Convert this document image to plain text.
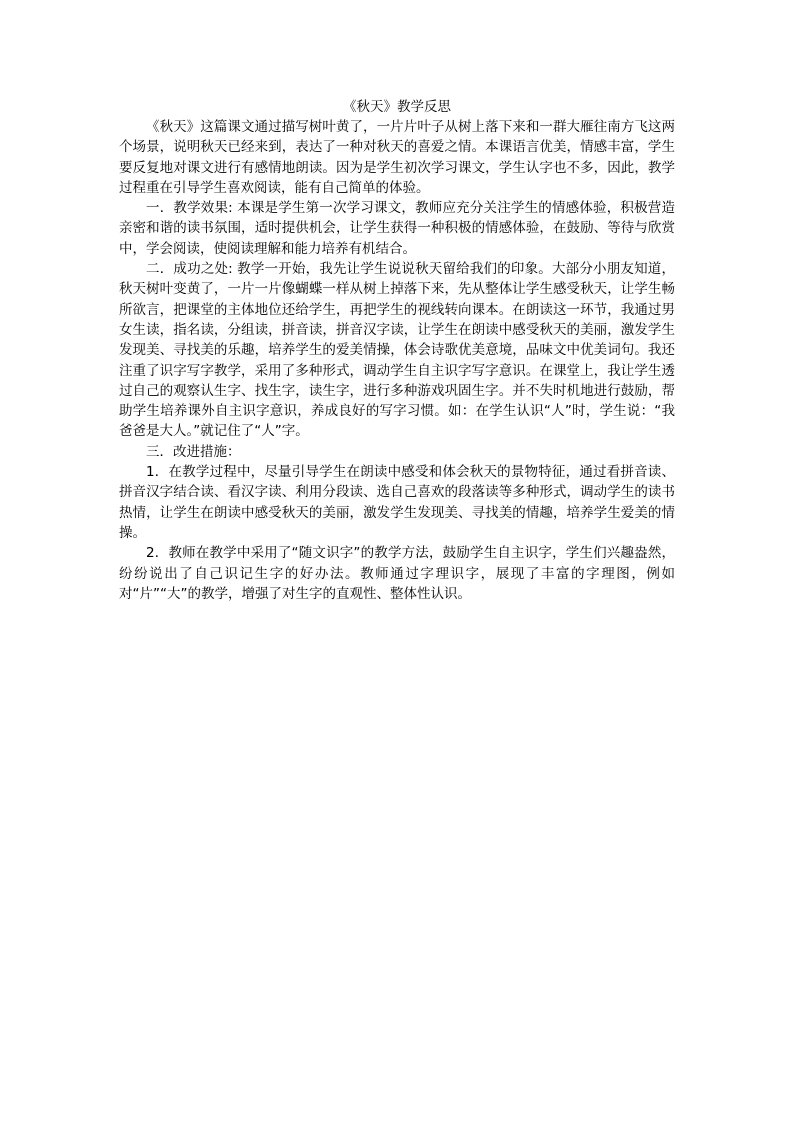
《秋天》教学反思

《秋天》这篇课文通过描写树叶黄了，一片片叶子从树上落下来和一群大雁往南方飞这两个场景，说明秋天已经来到，表达了一种对秋天的喜爱之情。本课语言优美，情感丰富，学生要反复地对课文进行有感情地朗读。因为是学生初次学习课文，学生认字也不多，因此，教学过程重在引导学生喜欢阅读，能有自己简单的体验。

一．教学效果: 本课是学生第一次学习课文，教师应充分关注学生的情感体验，积极营造亲密和谐的读书氛围，适时提供机会，让学生获得一种积极的情感体验，在鼓励、等待与欣赏中，学会阅读，使阅读理解和能力培养有机结合。

二．成功之处: 教学一开始，我先让学生说说秋天留给我们的印象。大部分小朋友知道，秋天树叶变黄了，一片一片像蝴蝶一样从树上掉落下来，先从整体让学生感受秋天，让学生畅所欲言，把课堂的主体地位还给学生，再把学生的视线转向课本。在朗读这一环节，我通过男女生读，指名读，分组读，拼音读，拼音汉字读，让学生在朗读中感受秋天的美丽，激发学生发现美、寻找美的乐趣，培养学生的爱美情操，体会诗歌优美意境，品味文中优美词句。我还注重了识字写字教学，采用了多种形式，调动学生自主识字写字意识。在课堂上，我让学生透过自己的观察认生字、找生字，读生字，进行多种游戏巩固生字。并不失时机地进行鼓励，帮助学生培养课外自主识字意识，养成良好的写字习惯。如：在学生认识“人”时，学生说：“我爸爸是大人。”就记住了“人”字。

三．改进措施：

1．在教学过程中，尽量引导学生在朗读中感受和体会秋天的景物特征，通过看拼音读、拼音汉字结合读、看汉字读、利用分段读、选自己喜欢的段落读等多种形式，调动学生的读书热情，让学生在朗读中感受秋天的美丽，激发学生发现美、寻找美的情趣，培养学生爱美的情操。

2．教师在教学中采用了“随文识字”的教学方法，鼓励学生自主识字，学生们兴趣盎然，纷纷说出了自己识记生字的好办法。教师通过字理识字，展现了丰富的字理图，例如对“片”“大”的教学，增强了对生字的直观性、整体性认识。
